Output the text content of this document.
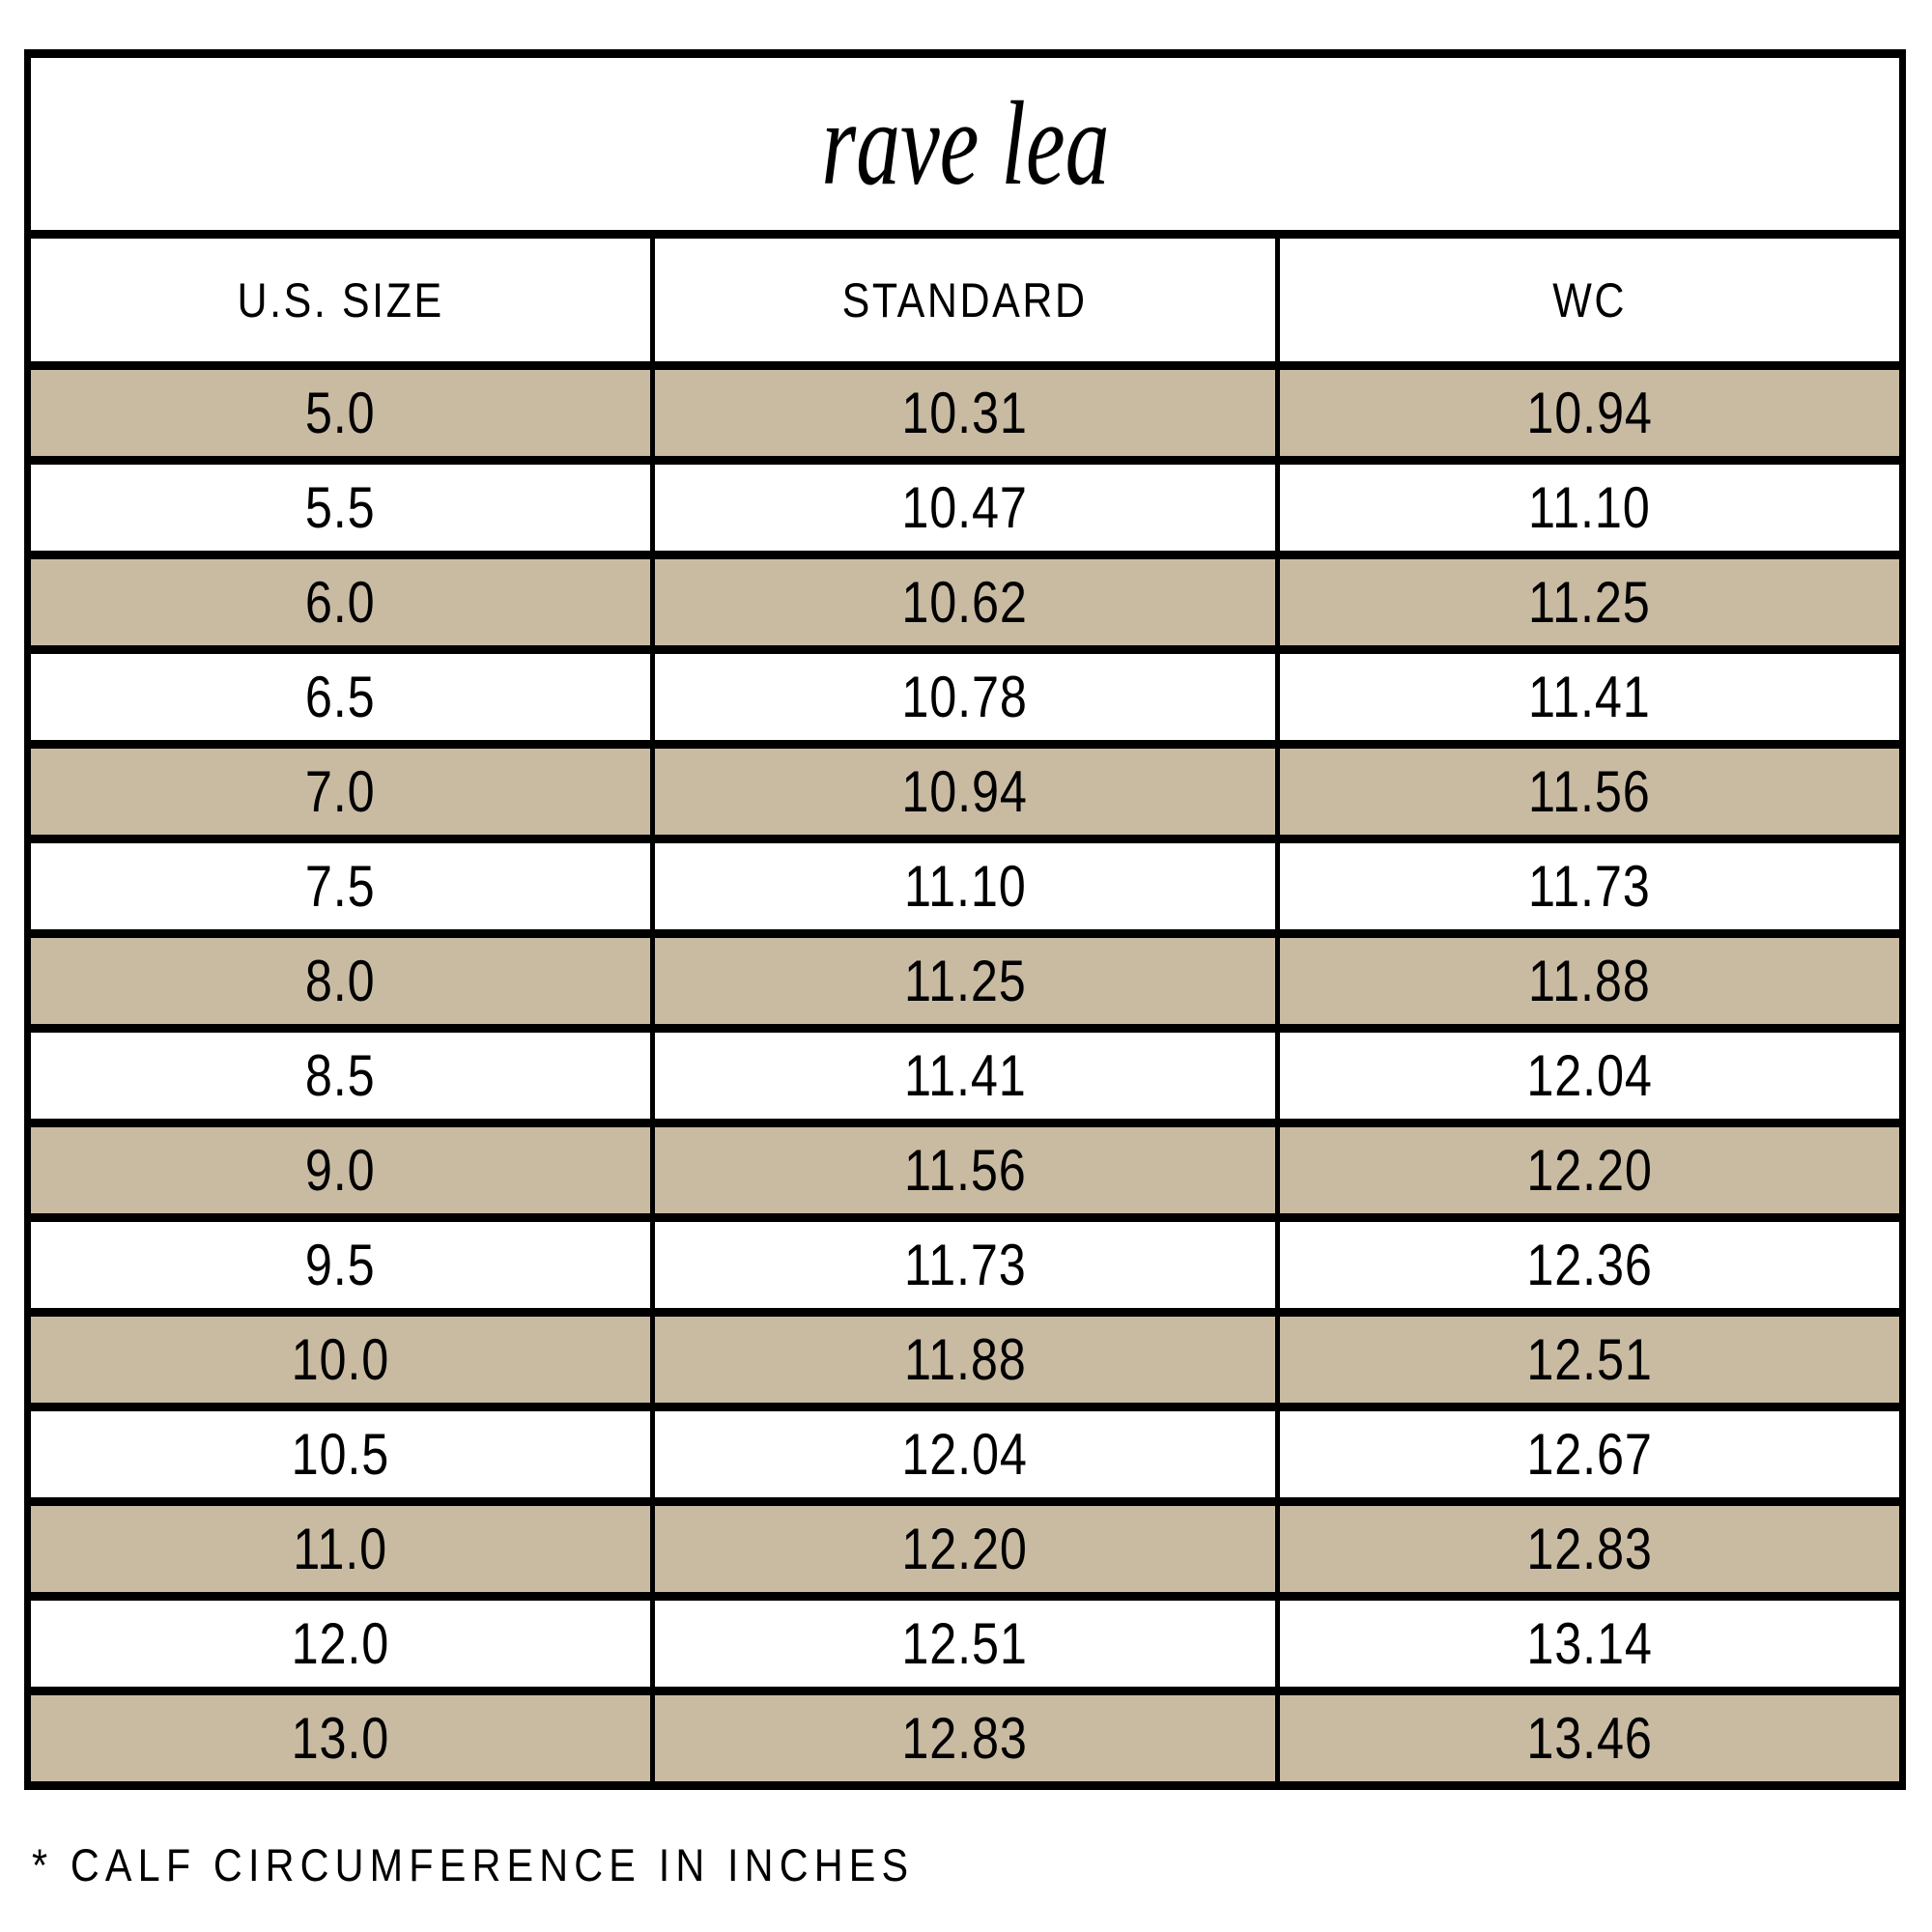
rave lea		
U.S. SIZE	STANDARD	WC
5.0	10.31	10.94
5.5	10.47	11.10
6.0	10.62	11.25
6.5	10.78	11.41
7.0	10.94	11.56
7.5	11.10	11.73
8.0	11.25	11.88
8.5	11.41	12.04
9.0	11.56	12.20
9.5	11.73	12.36
10.0	11.88	12.51
10.5	12.04	12.67
11.0	12.20	12.83
12.0	12.51	13.14
13.0	12.83	13.46
* CALF CIRCUMFERENCE IN INCHES
